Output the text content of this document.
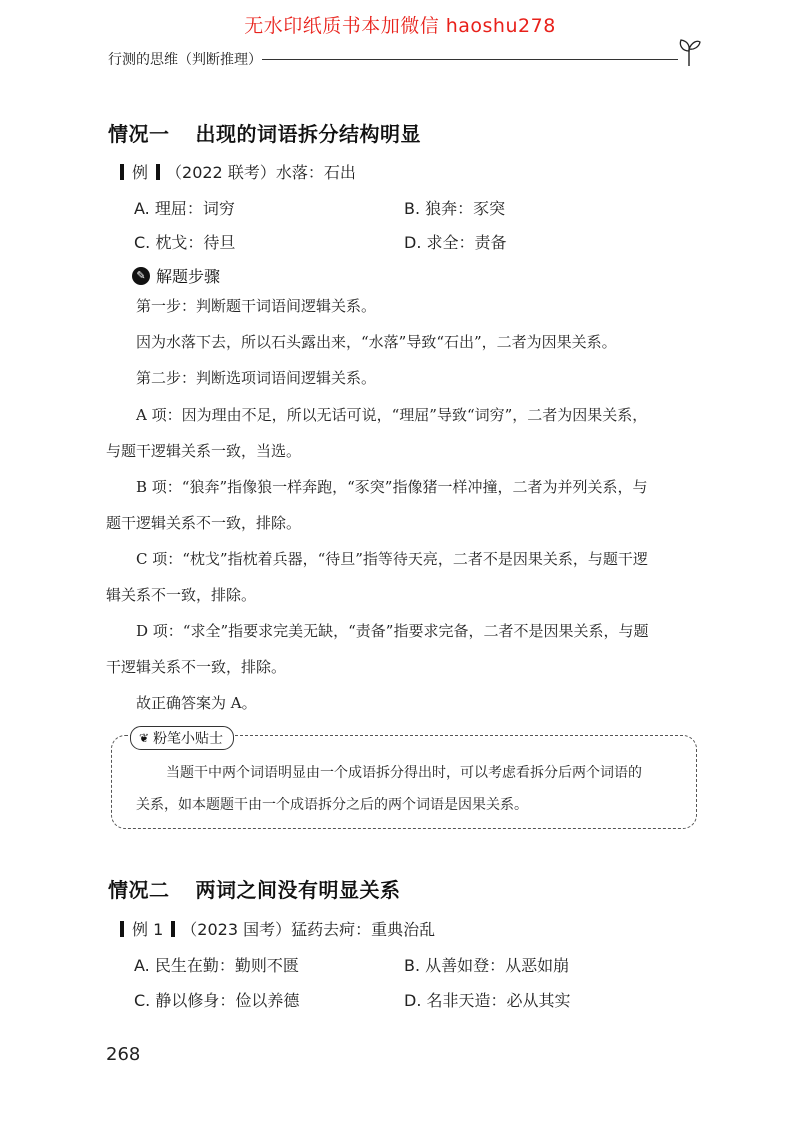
无水印纸质书本加微信 haoshu278
行测的思维（判断推理）
情况一 出现的词语拆分结构明显
例 （2022 联考）水落：石出
A. 理屈：词穷	B. 狼奔：豕突
C. 枕戈：待旦	D. 求全：责备
✎ 解题步骤
第一步：判断题干词语间逻辑关系。
因为水落下去，所以石头露出来，“水落”导致“石出”，二者为因果关系。
第二步：判断选项词语间逻辑关系。
A 项：因为理由不足，所以无话可说，“理屈”导致“词穷”，二者为因果关系，
与题干逻辑关系一致，当选。
B 项：“狼奔”指像狼一样奔跑，“豕突”指像猪一样冲撞，二者为并列关系，与
题干逻辑关系不一致，排除。
C 项：“枕戈”指枕着兵器，“待旦”指等待天亮，二者不是因果关系，与题干逻
辑关系不一致，排除。
D 项：“求全”指要求完美无缺，“责备”指要求完备，二者不是因果关系，与题
干逻辑关系不一致，排除。
故正确答案为 A。
❦ 粉笔小贴士
当题干中两个词语明显由一个成语拆分得出时，可以考虑看拆分后两个词语的
关系，如本题题干由一个成语拆分之后的两个词语是因果关系。
情况二 两词之间没有明显关系
例 1 （2023 国考）猛药去疴：重典治乱
A. 民生在勤：勤则不匮	B. 从善如登：从恶如崩
C. 静以修身：俭以养德	D. 名非天造：必从其实
268
